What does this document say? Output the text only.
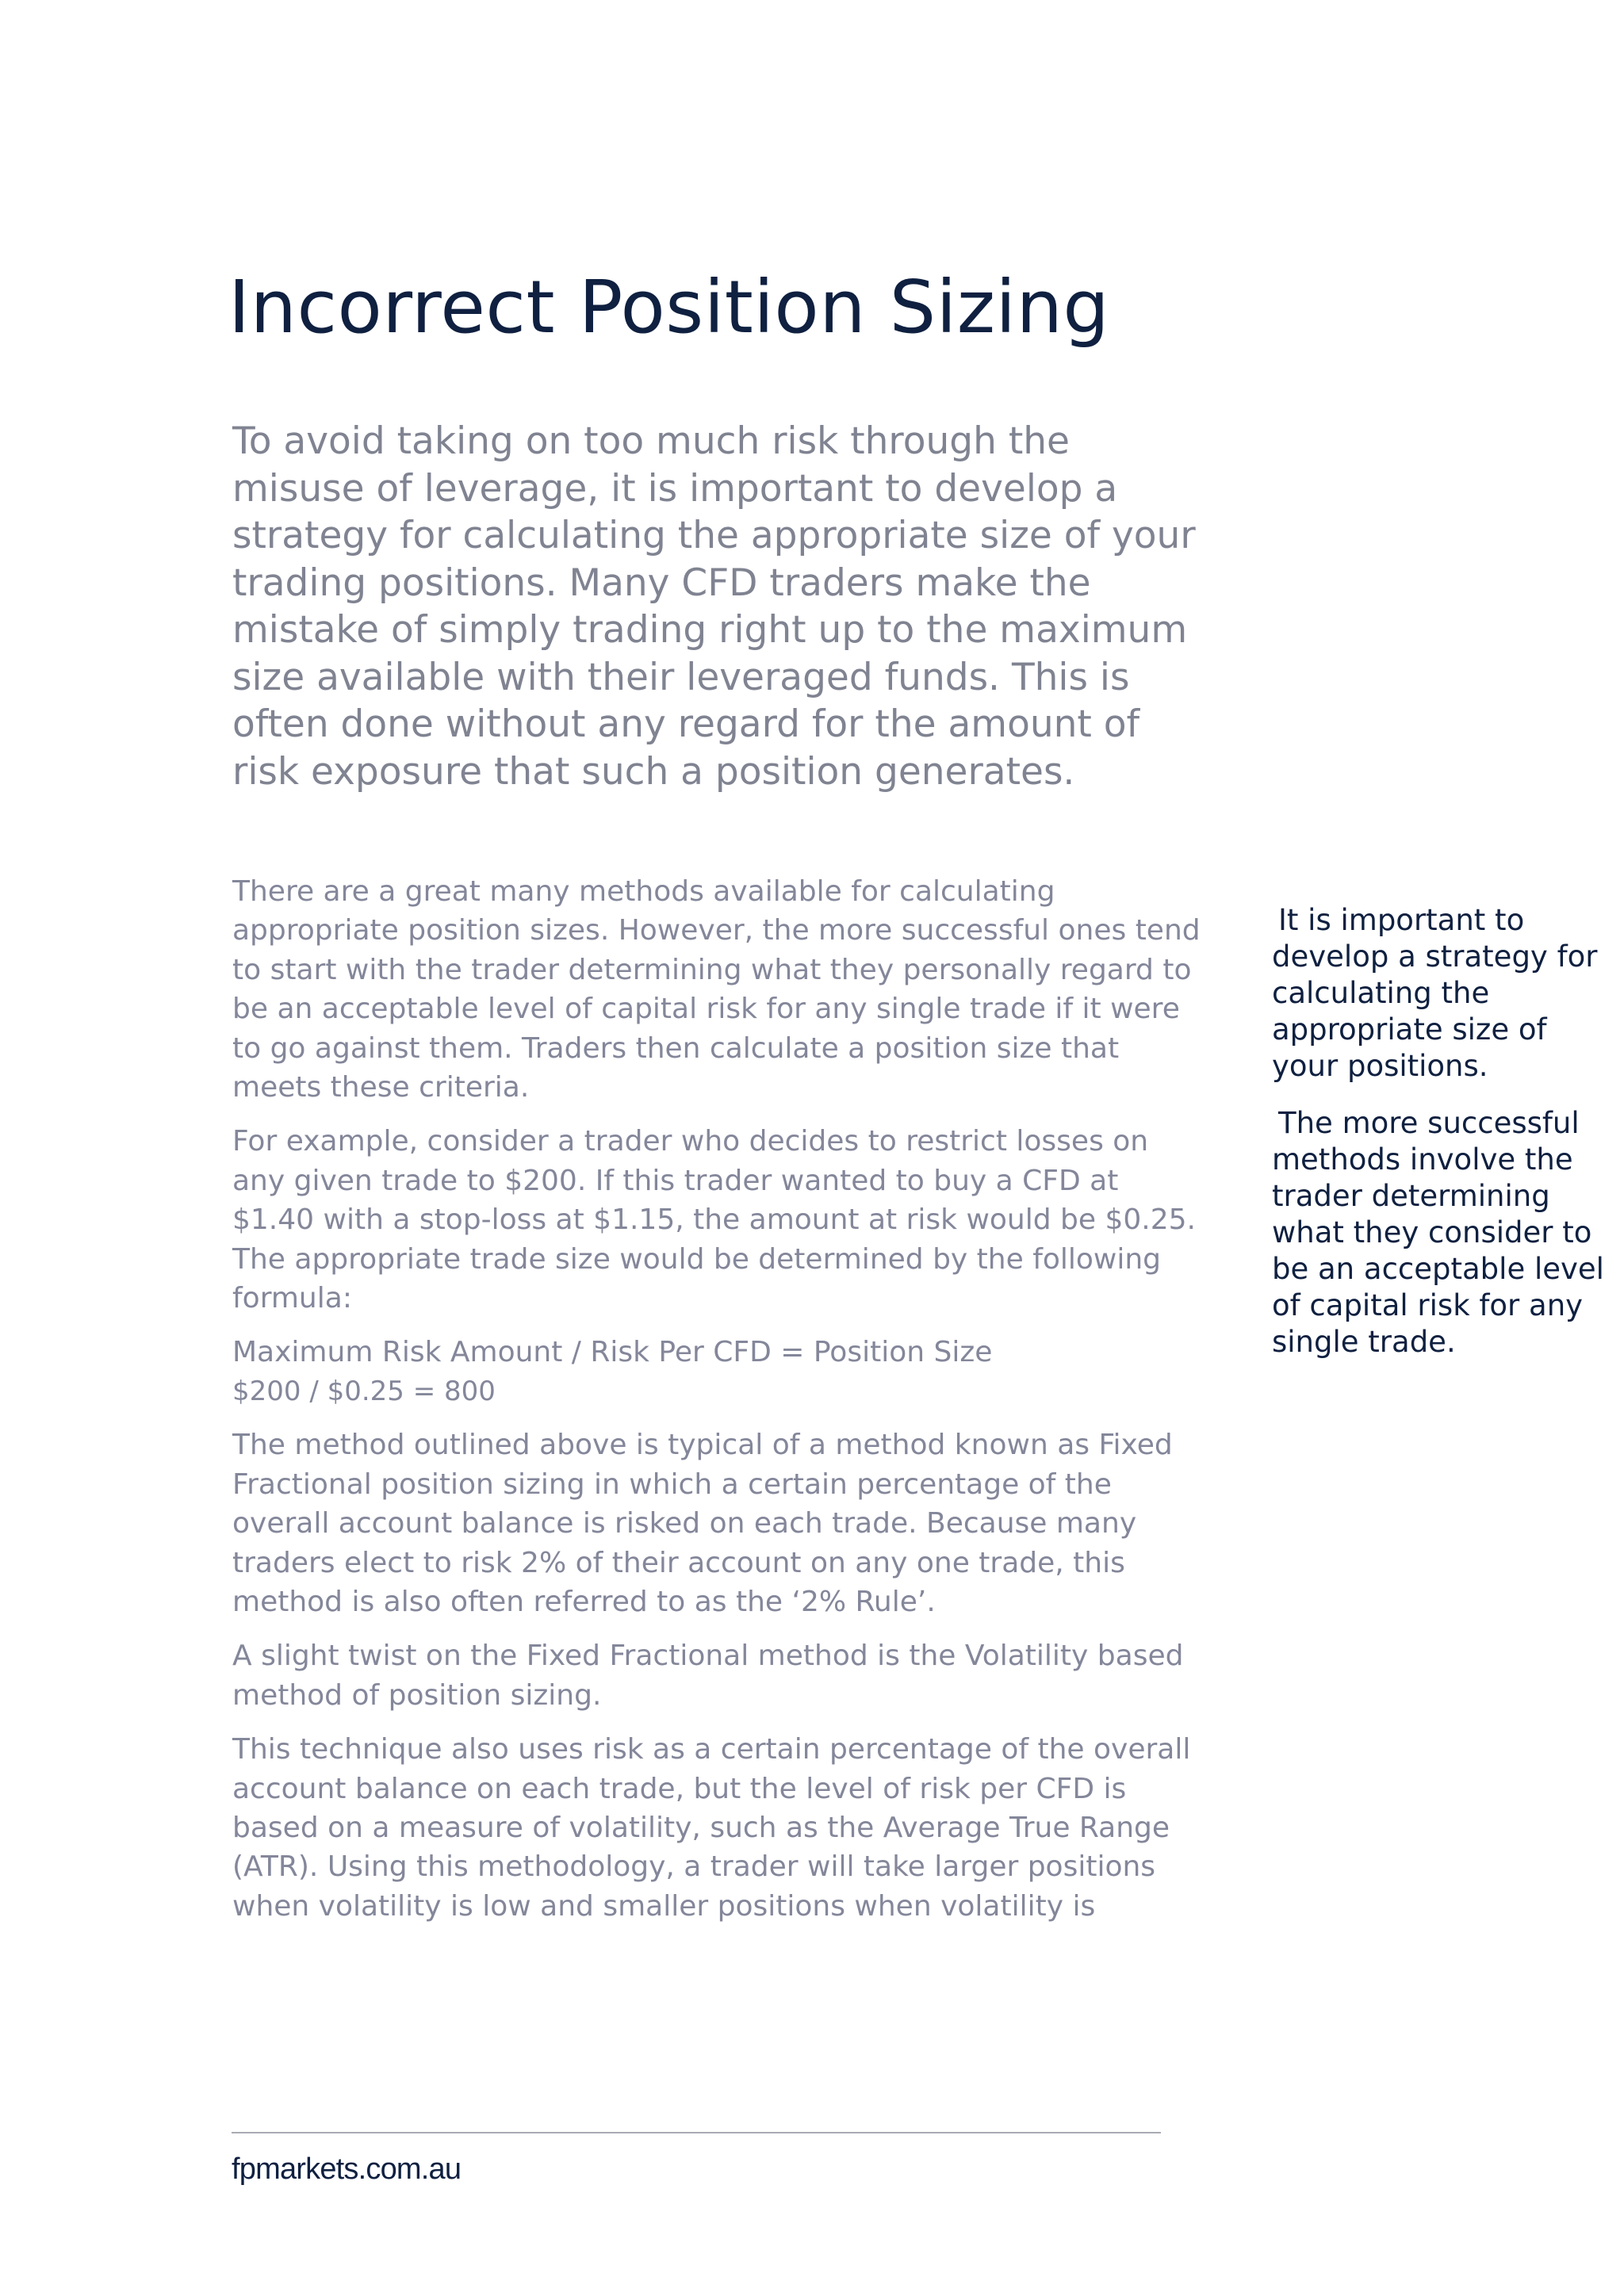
Incorrect Position Sizing

To avoid taking on too much risk through the misuse of leverage, it is important to develop a strategy for calculating the appropriate size of your trading positions. Many CFD traders make the mistake of simply trading right up to the maximum size available with their leveraged funds. This is often done without any regard for the amount of risk exposure that such a position generates.

There are a great many methods available for calculating appropriate position sizes. However, the more successful ones tend to start with the trader determining what they personally regard to be an acceptable level of capital risk for any single trade if it were to go against them. Traders then calculate a position size that meets these criteria.

For example, consider a trader who decides to restrict losses on any given trade to $200. If this trader wanted to buy a CFD at $1.40 with a stop-loss at $1.15, the amount at risk would be $0.25. The appropriate trade size would be determined by the following formula:

Maximum Risk Amount / Risk Per CFD = Position Size
$200 / $0.25 = 800

The method outlined above is typical of a method known as Fixed Fractional position sizing in which a certain percentage of the overall account balance is risked on each trade. Because many traders elect to risk 2% of their account on any one trade, this method is also often referred to as the ‘2% Rule’.

A slight twist on the Fixed Fractional method is the Volatility based method of position sizing.

This technique also uses risk as a certain percentage of the overall account balance on each trade, but the level of risk per CFD is based on a measure of volatility, such as the Average True Range (ATR). Using this methodology, a trader will take larger positions when volatility is low and smaller positions when volatility is

It is important to develop a strategy for calculating the appropriate size of your positions.

The more successful methods involve the trader determining what they consider to be an acceptable level of capital risk for any single trade.

fpmarkets.com.au
